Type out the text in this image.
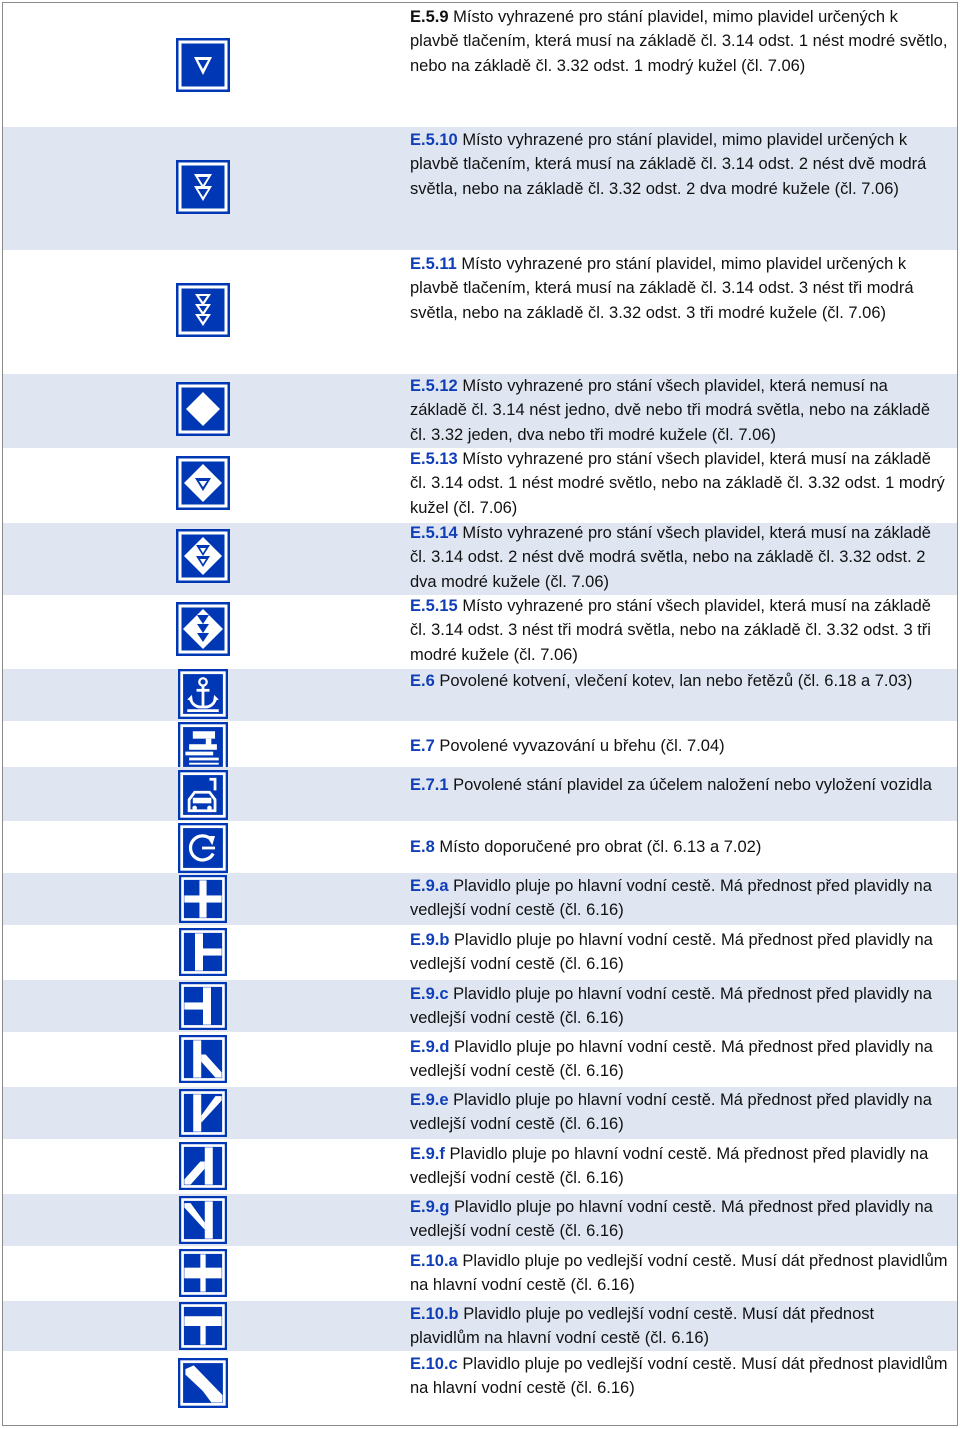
E.5.9 Místo vyhrazené pro stání plavidel, mimo plavidel určených k plavbě tlačením, která musí na základě čl. 3.14 odst. 1 nést modré světlo, nebo na základě čl. 3.32 odst. 1 modrý kužel (čl. 7.06)
E.5.10 Místo vyhrazené pro stání plavidel, mimo plavidel určených k plavbě tlačením, která musí na základě čl. 3.14 odst. 2 nést dvě modrá světla, nebo na základě čl. 3.32 odst. 2 dva modré kužele (čl. 7.06)
E.5.11 Místo vyhrazené pro stání plavidel, mimo plavidel určených k plavbě tlačením, která musí na základě čl. 3.14 odst. 3 nést tři modrá světla, nebo na základě čl. 3.32 odst. 3 tři modré kužele (čl. 7.06)
E.5.12 Místo vyhrazené pro stání všech plavidel, která nemusí na základě čl. 3.14 nést jedno, dvě nebo tři modrá světla, nebo na základě čl. 3.32 jeden, dva nebo tři modré kužele (čl. 7.06)
E.5.13 Místo vyhrazené pro stání všech plavidel, která musí na základě čl. 3.14 odst. 1 nést modré světlo, nebo na základě čl. 3.32 odst. 1 modrý kužel (čl. 7.06)
E.5.14 Místo vyhrazené pro stání všech plavidel, která musí na základě čl. 3.14 odst. 2 nést dvě modrá světla, nebo na základě čl. 3.32 odst. 2 dva modré kužele (čl. 7.06)
E.5.15 Místo vyhrazené pro stání všech plavidel, která musí na základě čl. 3.14 odst. 3 nést tři modrá světla, nebo na základě čl. 3.32 odst. 3 tři modré kužele (čl. 7.06)
E.6 Povolené kotvení, vlečení kotev, lan nebo řetězů (čl. 6.18 a 7.03)
E.7 Povolené vyvazování u břehu (čl. 7.04)
E.7.1 Povolené stání plavidel za účelem naložení nebo vyložení vozidla
E.8 Místo doporučené pro obrat (čl. 6.13 a 7.02)
E.9.a Plavidlo pluje po hlavní vodní cestě. Má přednost před plavidly na vedlejší vodní cestě (čl. 6.16)
E.9.b Plavidlo pluje po hlavní vodní cestě. Má přednost před plavidly na vedlejší vodní cestě (čl. 6.16)
E.9.c Plavidlo pluje po hlavní vodní cestě. Má přednost před plavidly na vedlejší vodní cestě (čl. 6.16)
E.9.d Plavidlo pluje po hlavní vodní cestě. Má přednost před plavidly na vedlejší vodní cestě (čl. 6.16)
E.9.e Plavidlo pluje po hlavní vodní cestě. Má přednost před plavidly na vedlejší vodní cestě (čl. 6.16)
E.9.f Plavidlo pluje po hlavní vodní cestě. Má přednost před plavidly na vedlejší vodní cestě (čl. 6.16)
E.9.g Plavidlo pluje po hlavní vodní cestě. Má přednost před plavidly na vedlejší vodní cestě (čl. 6.16)
E.10.a Plavidlo pluje po vedlejší vodní cestě. Musí dát přednost plavidlům na hlavní vodní cestě (čl. 6.16)
E.10.b Plavidlo pluje po vedlejší vodní cestě. Musí dát přednost plavidlům na hlavní vodní cestě (čl. 6.16)
E.10.c Plavidlo pluje po vedlejší vodní cestě. Musí dát přednost plavidlům na hlavní vodní cestě (čl. 6.16)
